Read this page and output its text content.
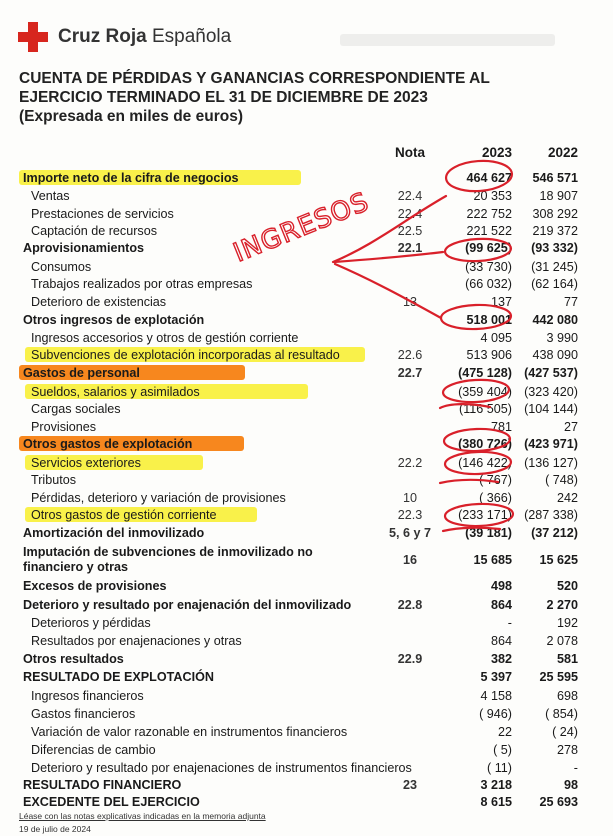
Cruz Roja Española
CUENTA DE PÉRDIDAS Y GANANCIAS CORRESPONDIENTE AL
EJERCICIO TERMINADO EL 31 DE DICIEMBRE DE 2023
(Expresada en miles de euros)
Nota	2023	2022
Importe neto de la cifra de negocios	464 627	546 571
Ventas	22.4	20 353	18 907
Prestaciones de servicios	22.4	222 752	308 292
Captación de recursos	22.5	221 522	219 372
Aprovisionamientos	22.1	(99 625)	(93 332)
Consumos	(33 730)	(31 245)
Trabajos realizados por otras empresas	(66 032)	(62 164)
Deterioro de existencias	13	137	77
Otros ingresos de explotación	518 001	442 080
Ingresos accesorios y otros de gestión corriente	4 095	3 990
Subvenciones de explotación incorporadas al resultado	22.6	513 906	438 090
Gastos de personal	22.7	(475 128) (427 537)
Sueldos, salarios y asimilados	(359 404) (323 420)
Cargas sociales	(116 505) (104 144)
Provisiones	781	27
Otros gastos de explotación	(380 726) (423 971)
Servicios exteriores	22.2	(146 422) (136 127)
Tributos	( 767)	( 748)
Pérdidas, deterioro y variación de provisiones	10	( 366)	242
Otros gastos de gestión corriente	22.3	(233 171) (287 338)
Amortización del inmovilizado	5, 6 y 7	(39 181)	(37 212)
Imputación de subvenciones de inmovilizado no financiero y otras	16	15 685	15 625
Excesos de provisiones	498	520
Deterioro y resultado por enajenación del inmovilizado	22.8	864	2 270
Deterioros y pérdidas	-	192
Resultados por enajenaciones y otras	864	2 078
Otros resultados	22.9	382	581
RESULTADO DE EXPLOTACIÓN	5 397	25 595
Ingresos financieros	4 158	698
Gastos financieros	( 946)	( 854)
Variación de valor razonable en instrumentos financieros	22	( 24)
Diferencias de cambio	( 5)	278
Deterioro y resultado por enajenaciones de instrumentos financieros	( 11)	-
RESULTADO FINANCIERO	23	3 218	98
EXCEDENTE DEL EJERCICIO	8 615	25 693
Léase con las notas explicativas indicadas en la memoria adjunta
19 de julio de 2024
INGRESOS
